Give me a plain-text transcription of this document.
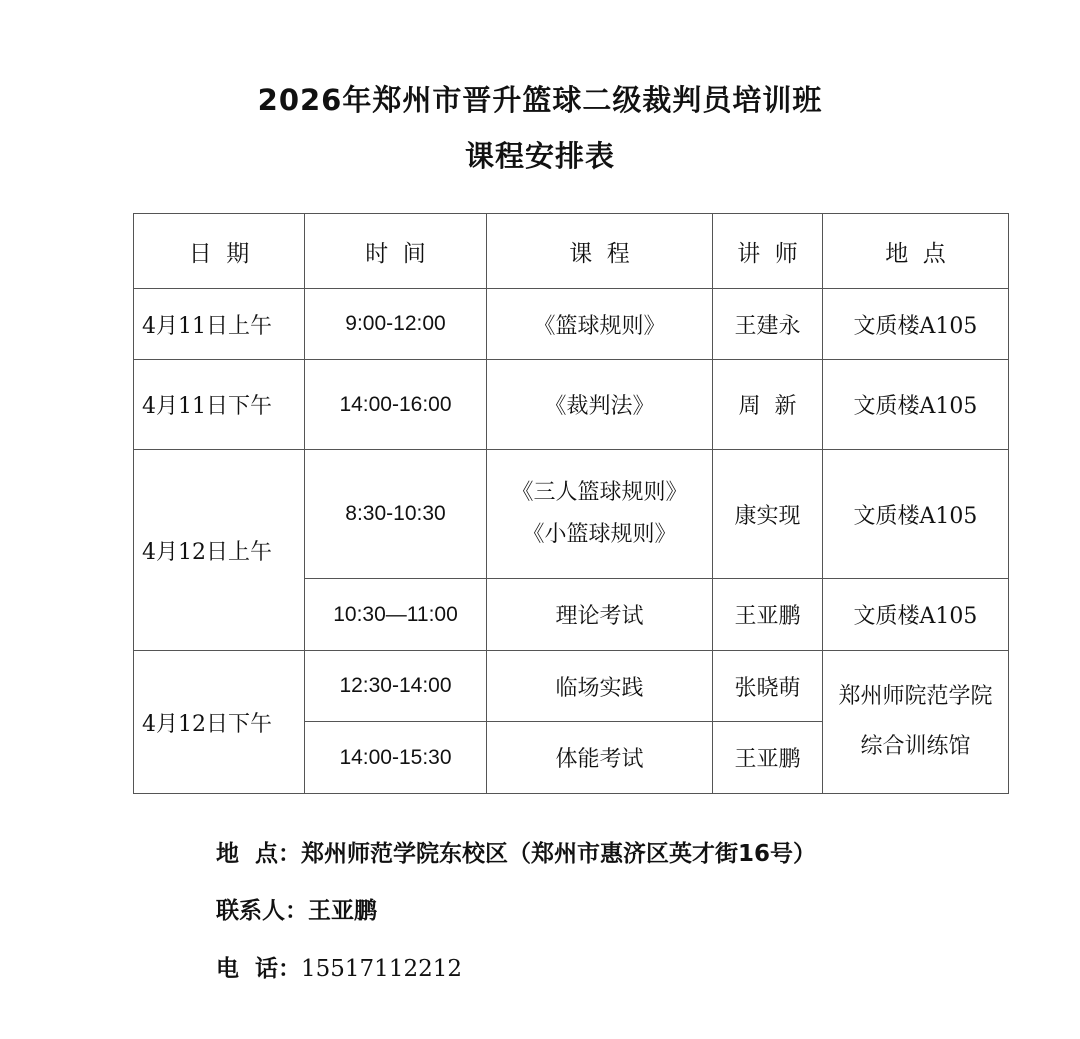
2026年郑州市晋升篮球二级裁判员培训班
课程安排表
日  期	时  间	课  程	讲  师	地  点
4月11日上午	9:00-12:00	《篮球规则》	王建永	文质楼A105
4月11日下午	14:00-16:00	《裁判法》	周  新	文质楼A105
4月12日上午	8:30-10:30	《三人篮球规则》
《小篮球规则》	康实现	文质楼A105
	10:30—11:00	理论考试	王亚鹏	文质楼A105
4月12日下午	12:30-14:00	临场实践	张晓萌	郑州师院范学院
综合训练馆

	14:00-15:30	体能考试	王亚鹏	
地  点：郑州师范学院东校区（郑州市惠济区英才街16号）
联系人：王亚鹏
电  话：15517112212
